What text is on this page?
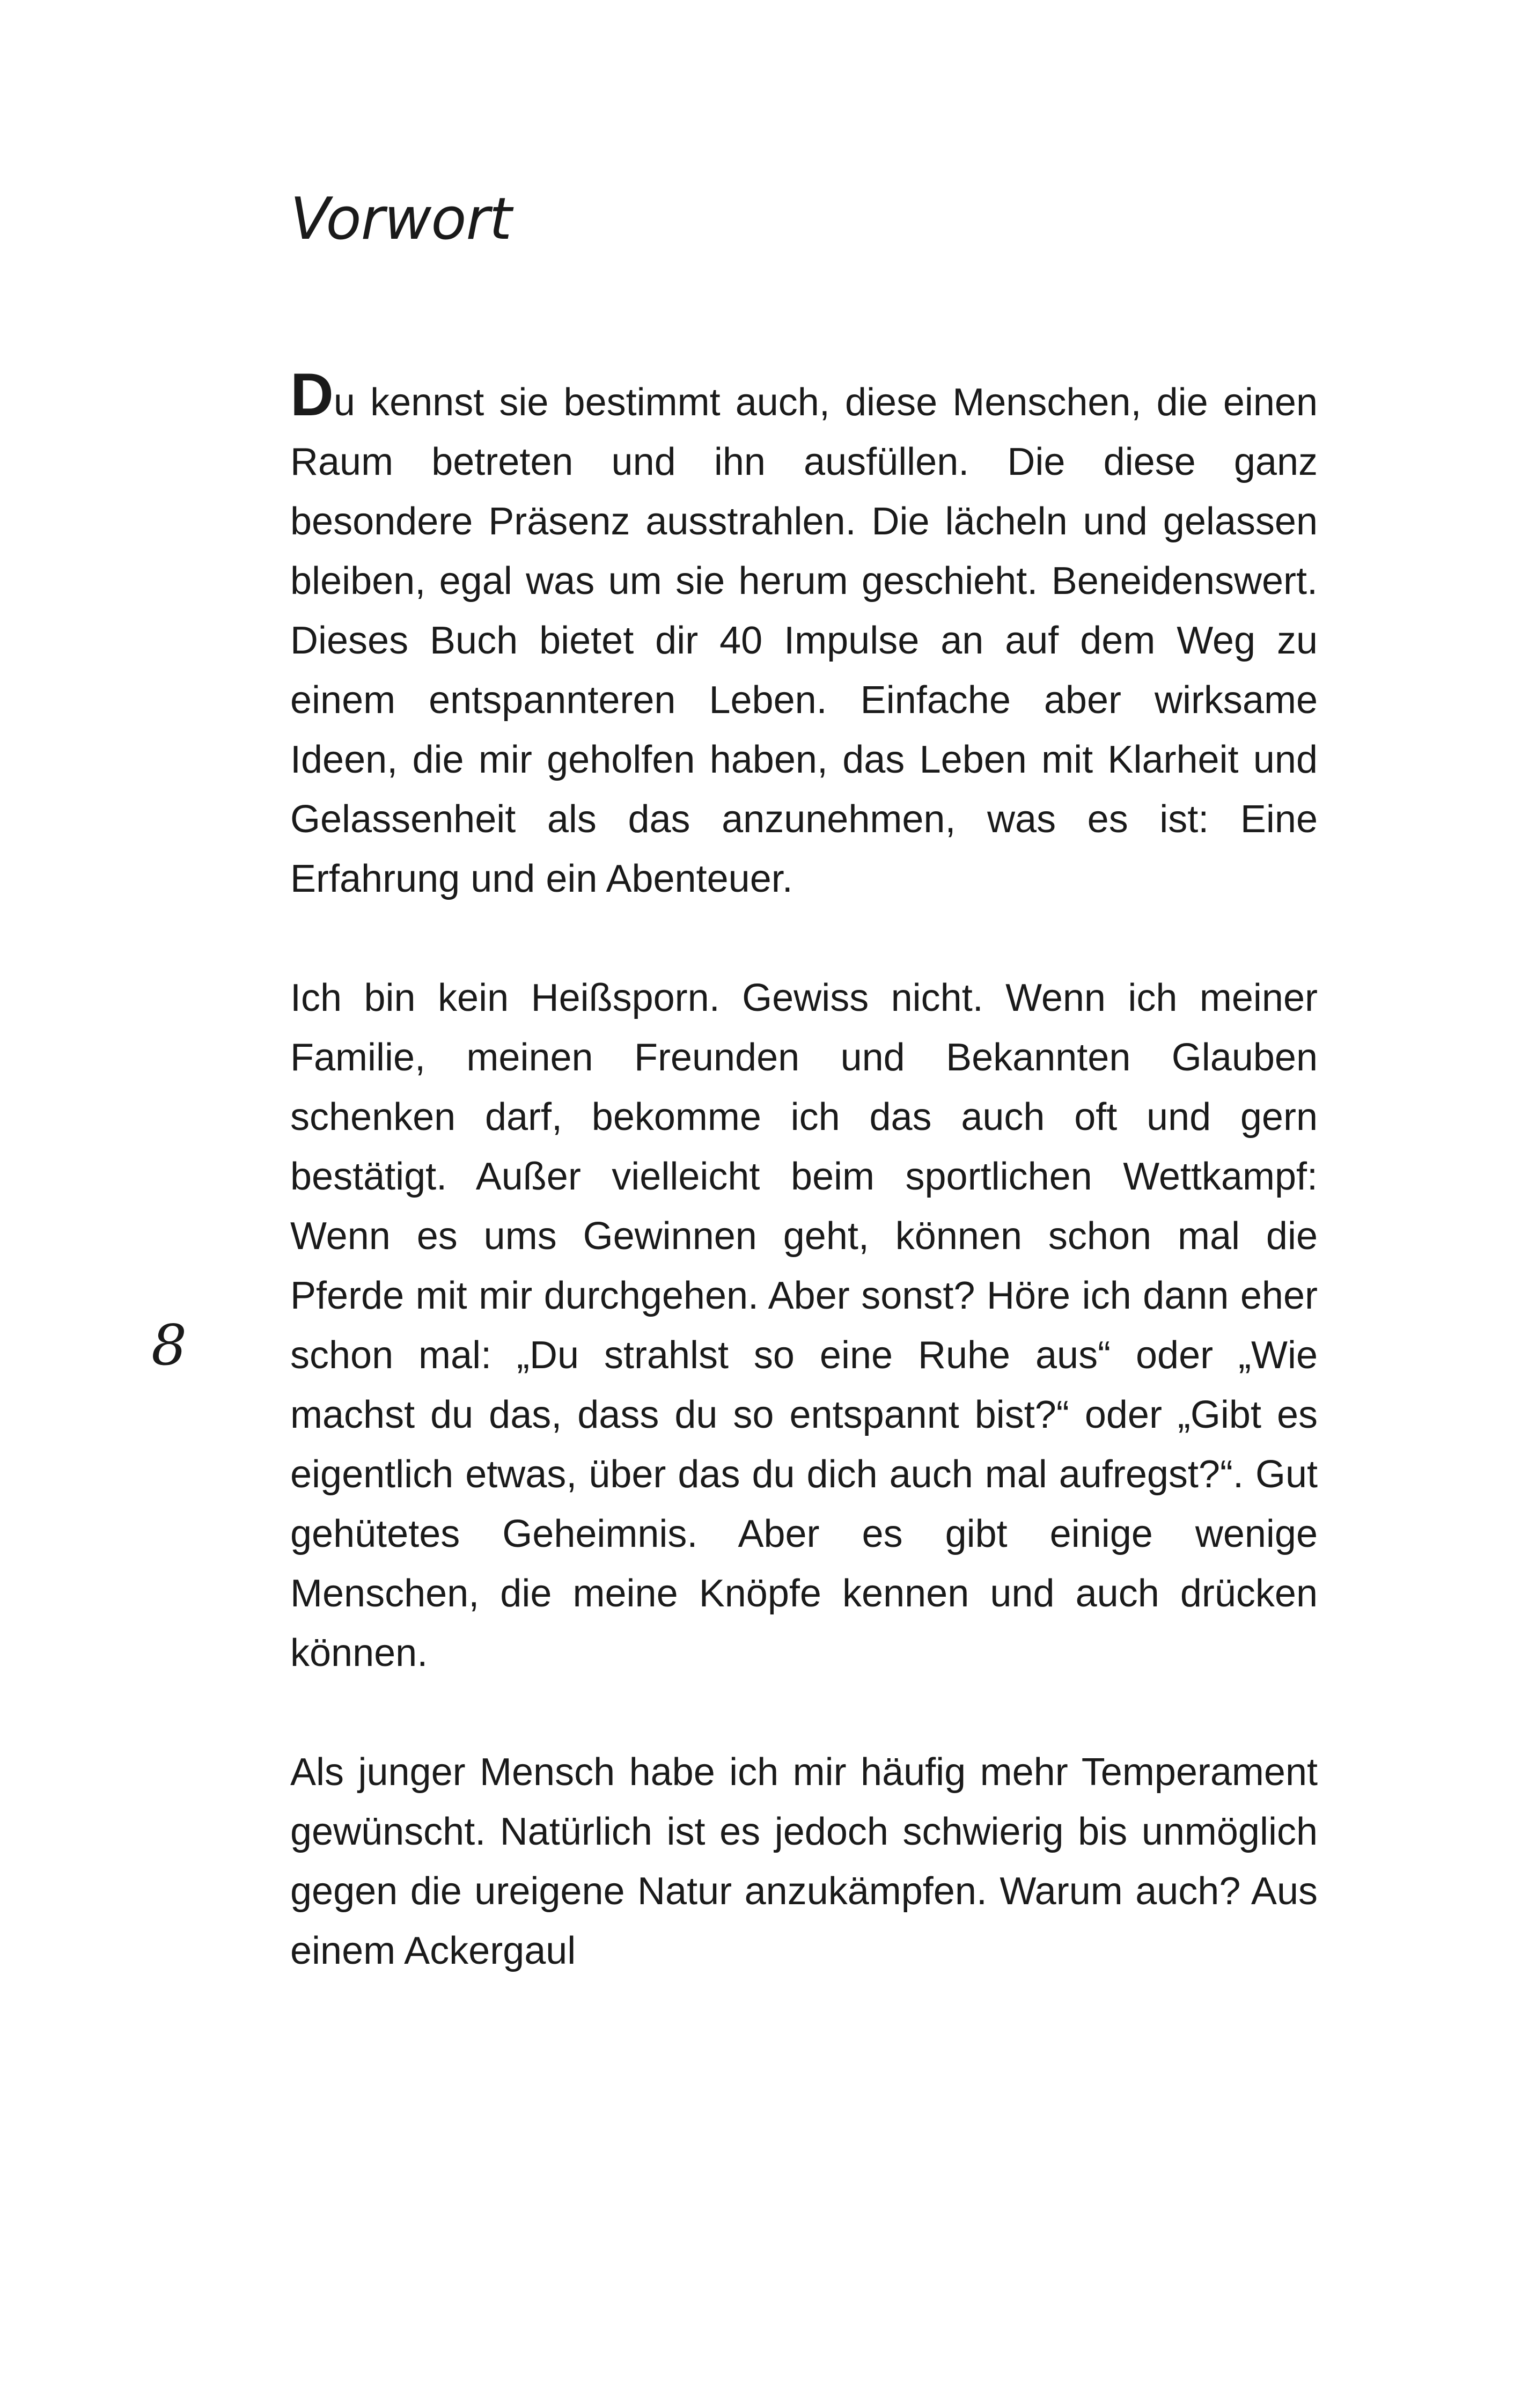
Vorwort

Du kennst sie bestimmt auch, diese Menschen, die einen Raum betreten und ihn ausfüllen. Die diese ganz besondere Präsenz ausstrahlen. Die lächeln und gelassen bleiben, egal was um sie herum geschieht. Beneidenswert. Dieses Buch bietet dir 40 Impulse an auf dem Weg zu einem entspannteren Leben. Einfache aber wirksame Ideen, die mir geholfen haben, das Leben mit Klarheit und Gelassenheit als das anzunehmen, was es ist: Eine Erfahrung und ein Abenteuer.

Ich bin kein Heißsporn. Gewiss nicht. Wenn ich meiner Familie, meinen Freunden und Bekannten Glauben schenken darf, bekomme ich das auch oft und gern bestätigt. Außer vielleicht beim sportlichen Wettkampf: Wenn es ums Gewinnen geht, können schon mal die Pferde mit mir durchgehen. Aber sonst? Höre ich dann eher schon mal: „Du strahlst so eine Ruhe aus“ oder „Wie machst du das, dass du so entspannt bist?“ oder „Gibt es eigentlich etwas, über das du dich auch mal aufregst?“. Gut gehütetes Geheimnis. Aber es gibt einige wenige Menschen, die meine Knöpfe kennen und auch drücken können.

Als junger Mensch habe ich mir häufig mehr Temperament gewünscht. Natürlich ist es jedoch schwierig bis unmöglich gegen die ureigene Natur anzukämpfen. Warum auch? Aus einem Ackergaul

8
